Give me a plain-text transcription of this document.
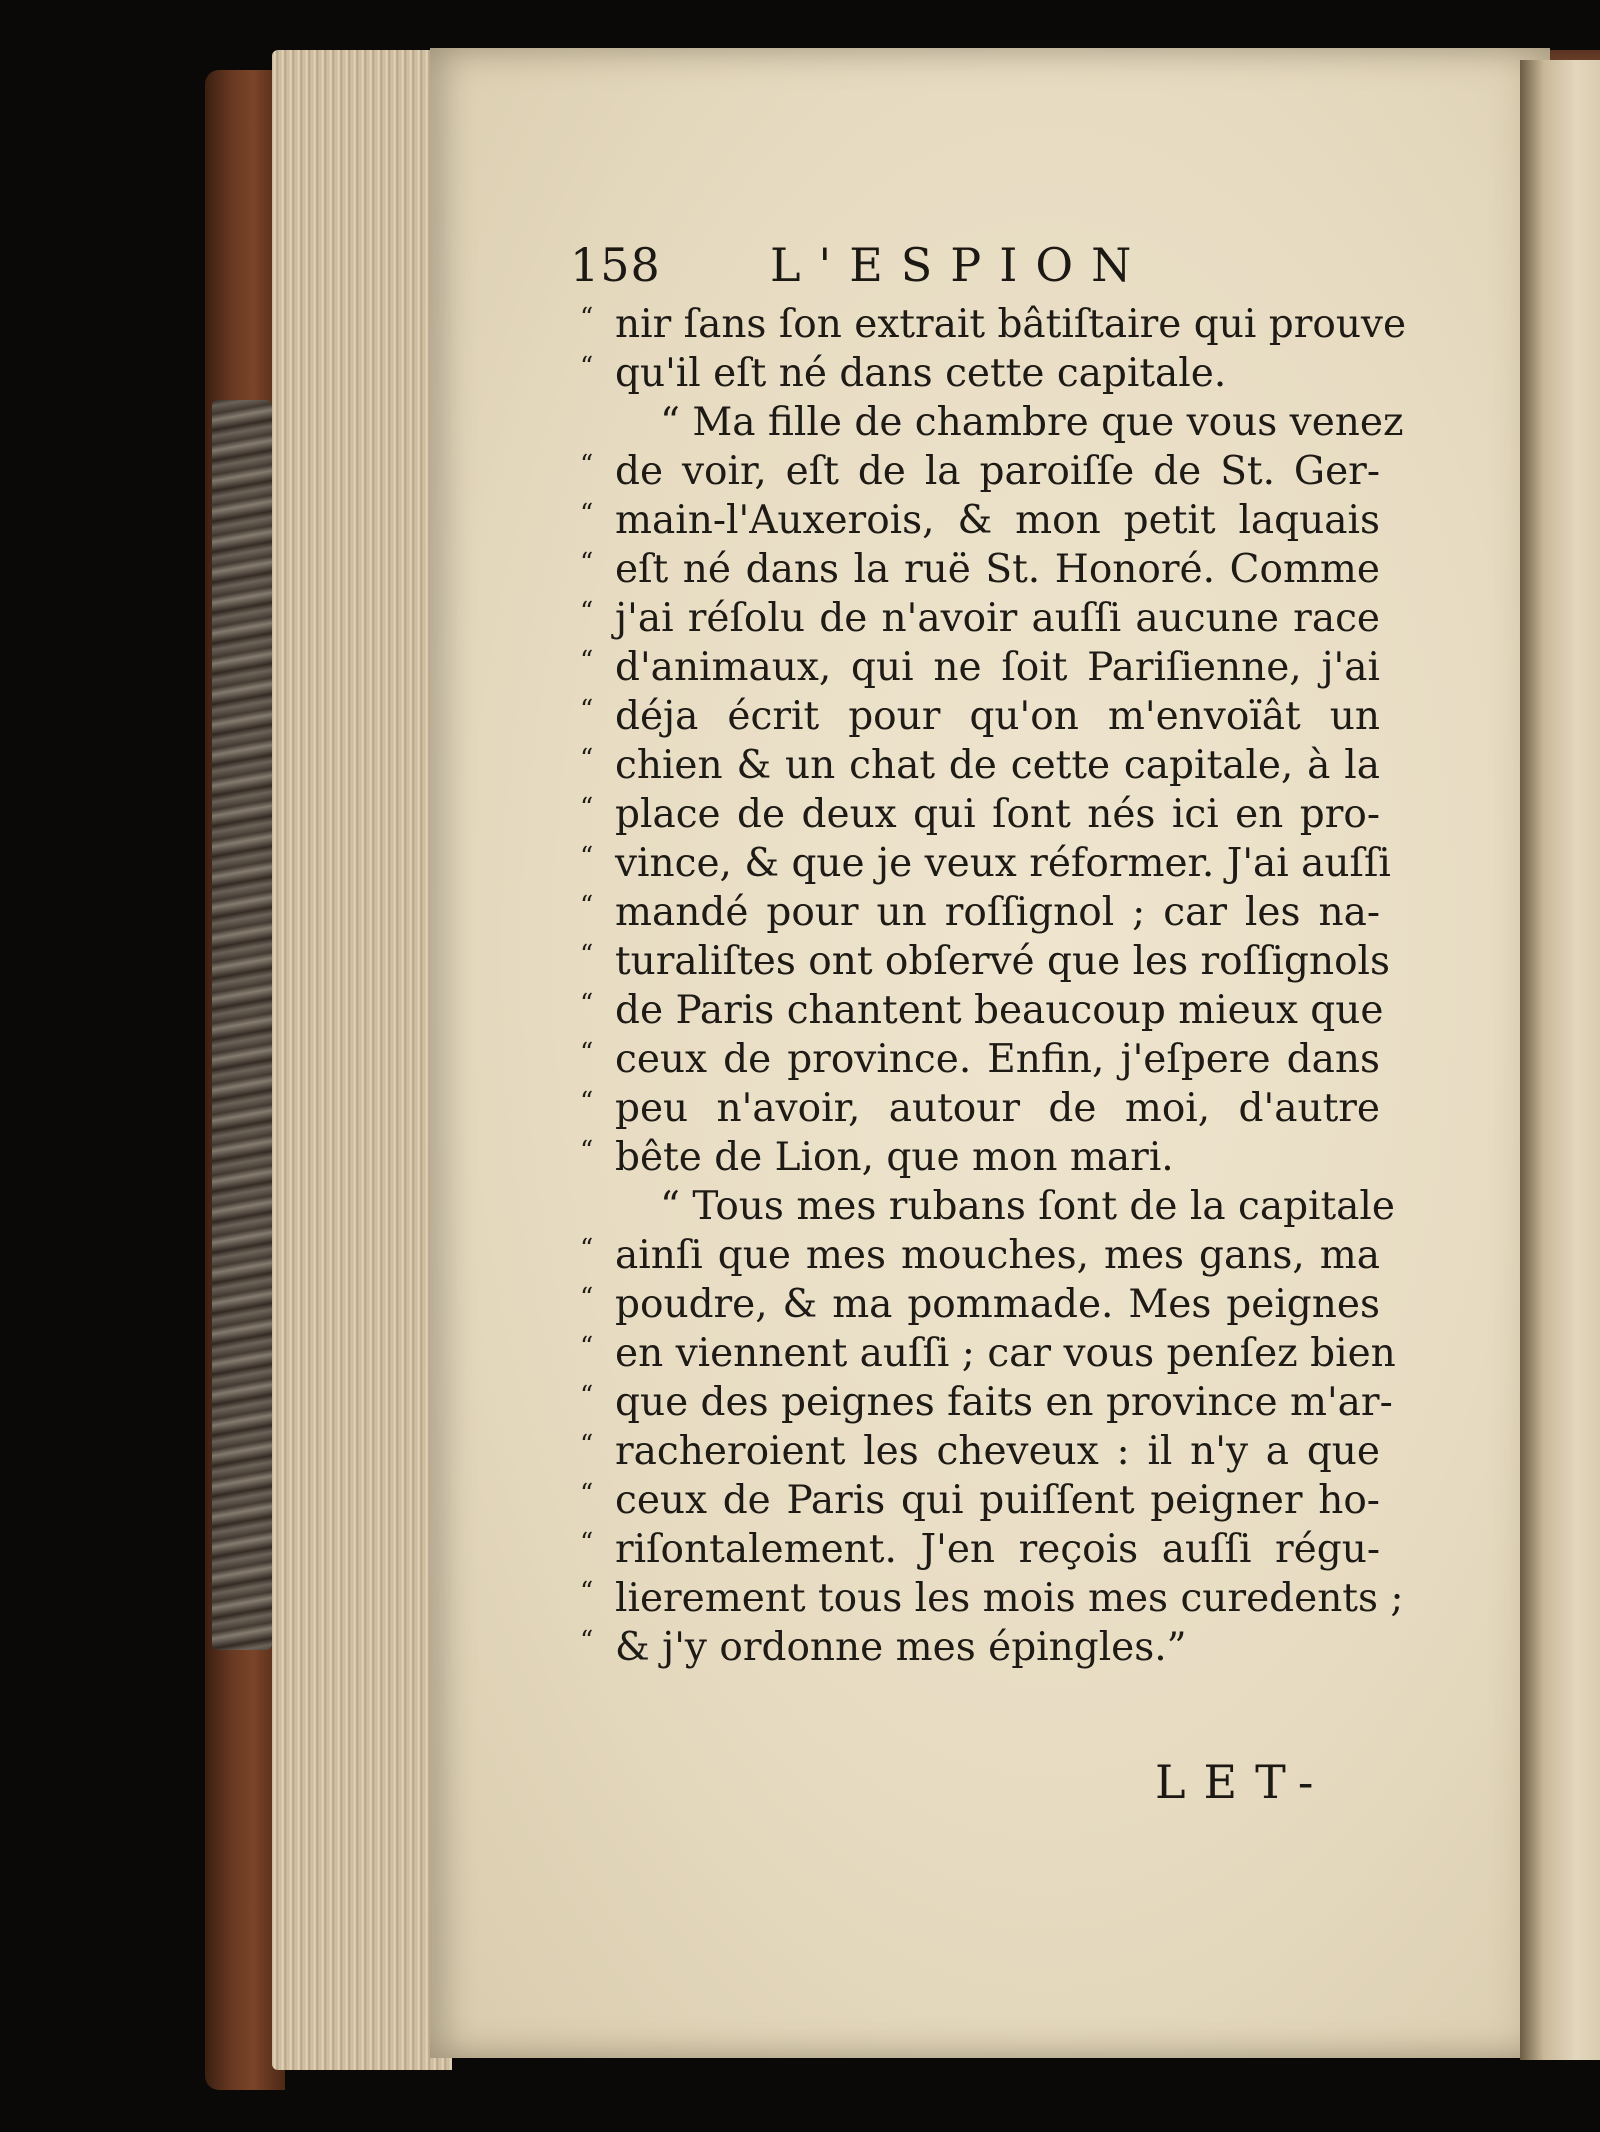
158 L'ESPION
“ nir ſans ſon extrait bâtiſtaire qui prouve
“ qu'il eſt né dans cette capitale.
“ Ma fille de chambre que vous venez
“ de voir, eſt de la paroiſſe de St. Ger-
“ main-l'Auxerois, & mon petit laquais
“ eſt né dans la ruë St. Honoré. Comme
“ j'ai réſolu de n'avoir auſſi aucune race
“ d'animaux, qui ne ſoit Pariſienne, j'ai
“ déja écrit pour qu'on m'envoïât un
“ chien & un chat de cette capitale, à la
“ place de deux qui ſont nés ici en pro-
“ vince, & que je veux réformer. J'ai auſſi
“ mandé pour un roſſignol ; car les na-
“ turaliſtes ont obſervé que les roſſignols
“ de Paris chantent beaucoup mieux que
“ ceux de province. Enfin, j'eſpere dans
“ peu n'avoir, autour de moi, d'autre
“ bête de Lion, que mon mari.
“ Tous mes rubans ſont de la capitale
“ ainſi que mes mouches, mes gans, ma
“ poudre, & ma pommade. Mes peignes
“ en viennent auſſi ; car vous penſez bien
“ que des peignes faits en province m'ar-
“ racheroient les cheveux : il n'y a que
“ ceux de Paris qui puiſſent peigner ho-
“ riſontalement. J'en reçois auſſi régu-
“ lierement tous les mois mes curedents ;
“ & j'y ordonne mes épingles.”
LET-
